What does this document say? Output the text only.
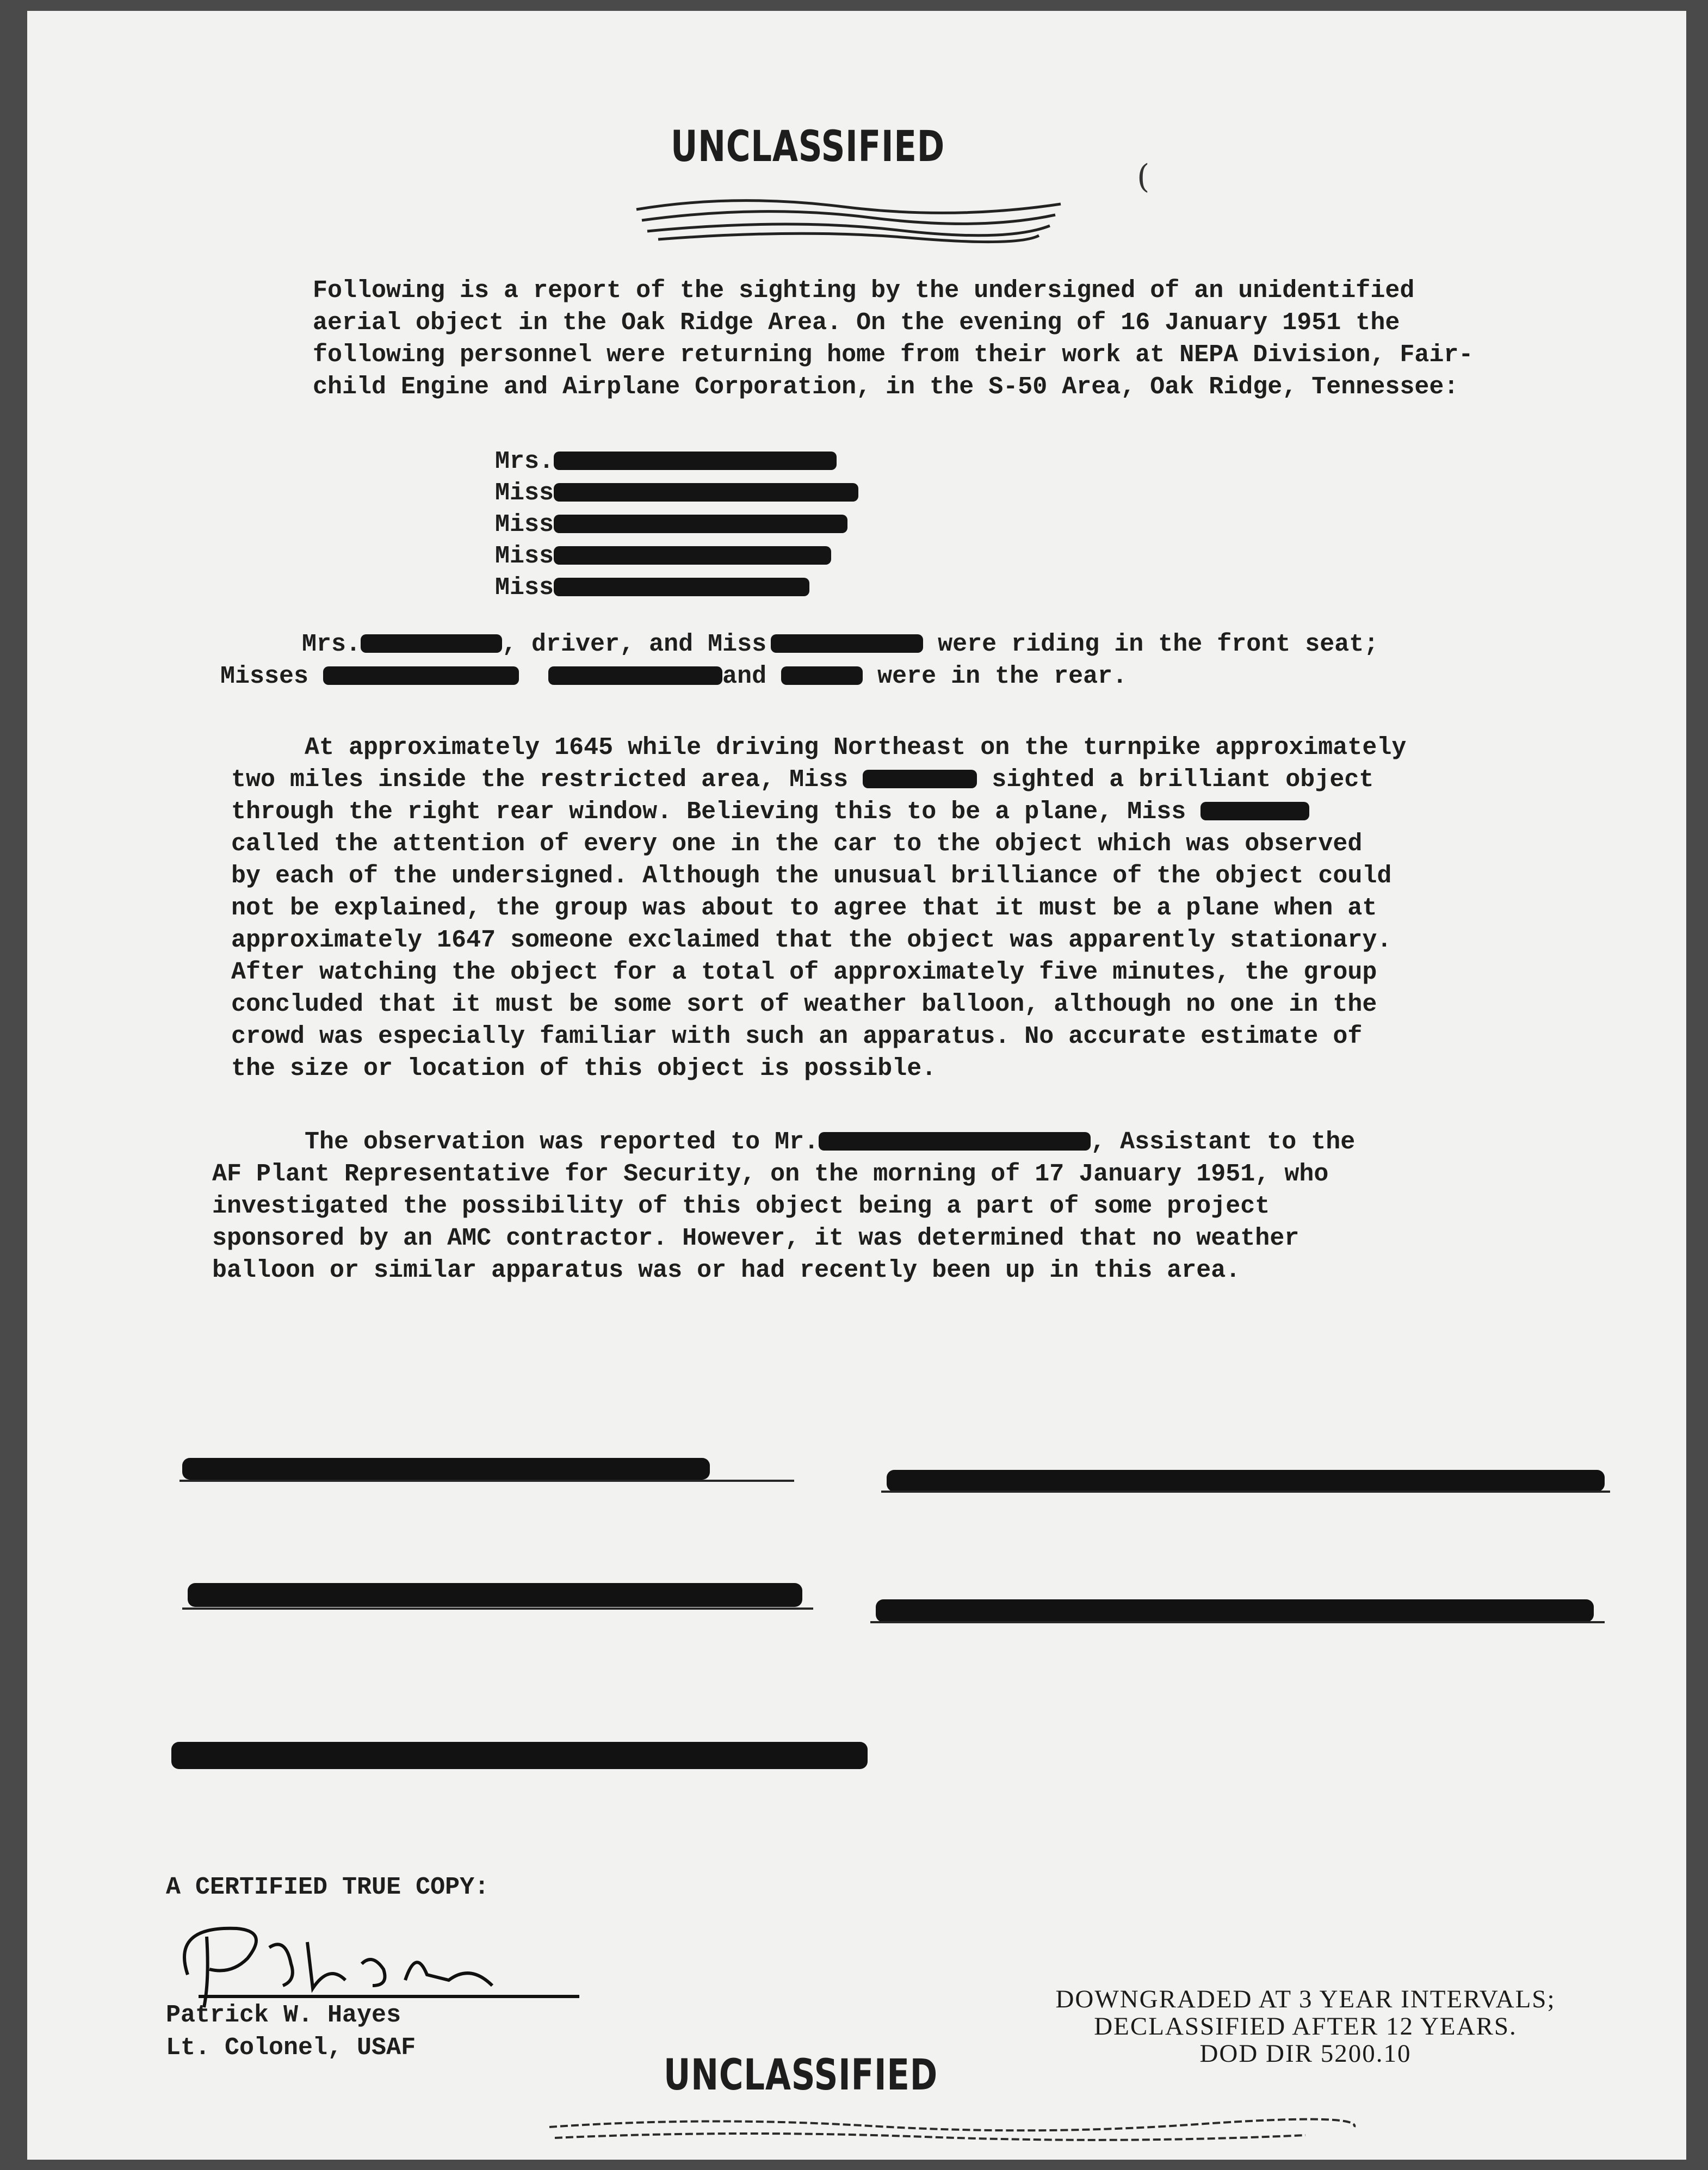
UNCLASSIFIED
(
Following is a report of the sighting by the undersigned of an unidentified
aerial object in the Oak Ridge Area. On the evening of 16 January 1951 the
following personnel were returning home from their work at NEPA Division, Fair-
child Engine and Airplane Corporation, in the S-50 Area, Oak Ridge, Tennessee:
Mrs.
Miss
Miss
Miss
Miss
Mrs.	, driver, and Miss	were riding in the front seat;
Misses	and	were in the rear.
At approximately 1645 while driving Northeast on the turnpike approximately
two miles inside the restricted area, Miss	sighted a brilliant object
through the right rear window. Believing this to be a plane, Miss
called the attention of every one in the car to the object which was observed
by each of the undersigned. Although the unusual brilliance of the object could
not be explained, the group was about to agree that it must be a plane when at
approximately 1647 someone exclaimed that the object was apparently stationary.
After watching the object for a total of approximately five minutes, the group
concluded that it must be some sort of weather balloon, although no one in the
crowd was especially familiar with such an apparatus. No accurate estimate of
the size or location of this object is possible.
The observation was reported to Mr.	, Assistant to the
AF Plant Representative for Security, on the morning of 17 January 1951, who
investigated the possibility of this object being a part of some project
sponsored by an AMC contractor. However, it was determined that no weather
balloon or similar apparatus was or had recently been up in this area.
A CERTIFIED TRUE COPY:
Patrick W. Hayes
Lt. Colonel, USAF
DOWNGRADED AT 3 YEAR INTERVALS;
DECLASSIFIED AFTER 12 YEARS.
DOD DIR 5200.10
UNCLASSIFIED
